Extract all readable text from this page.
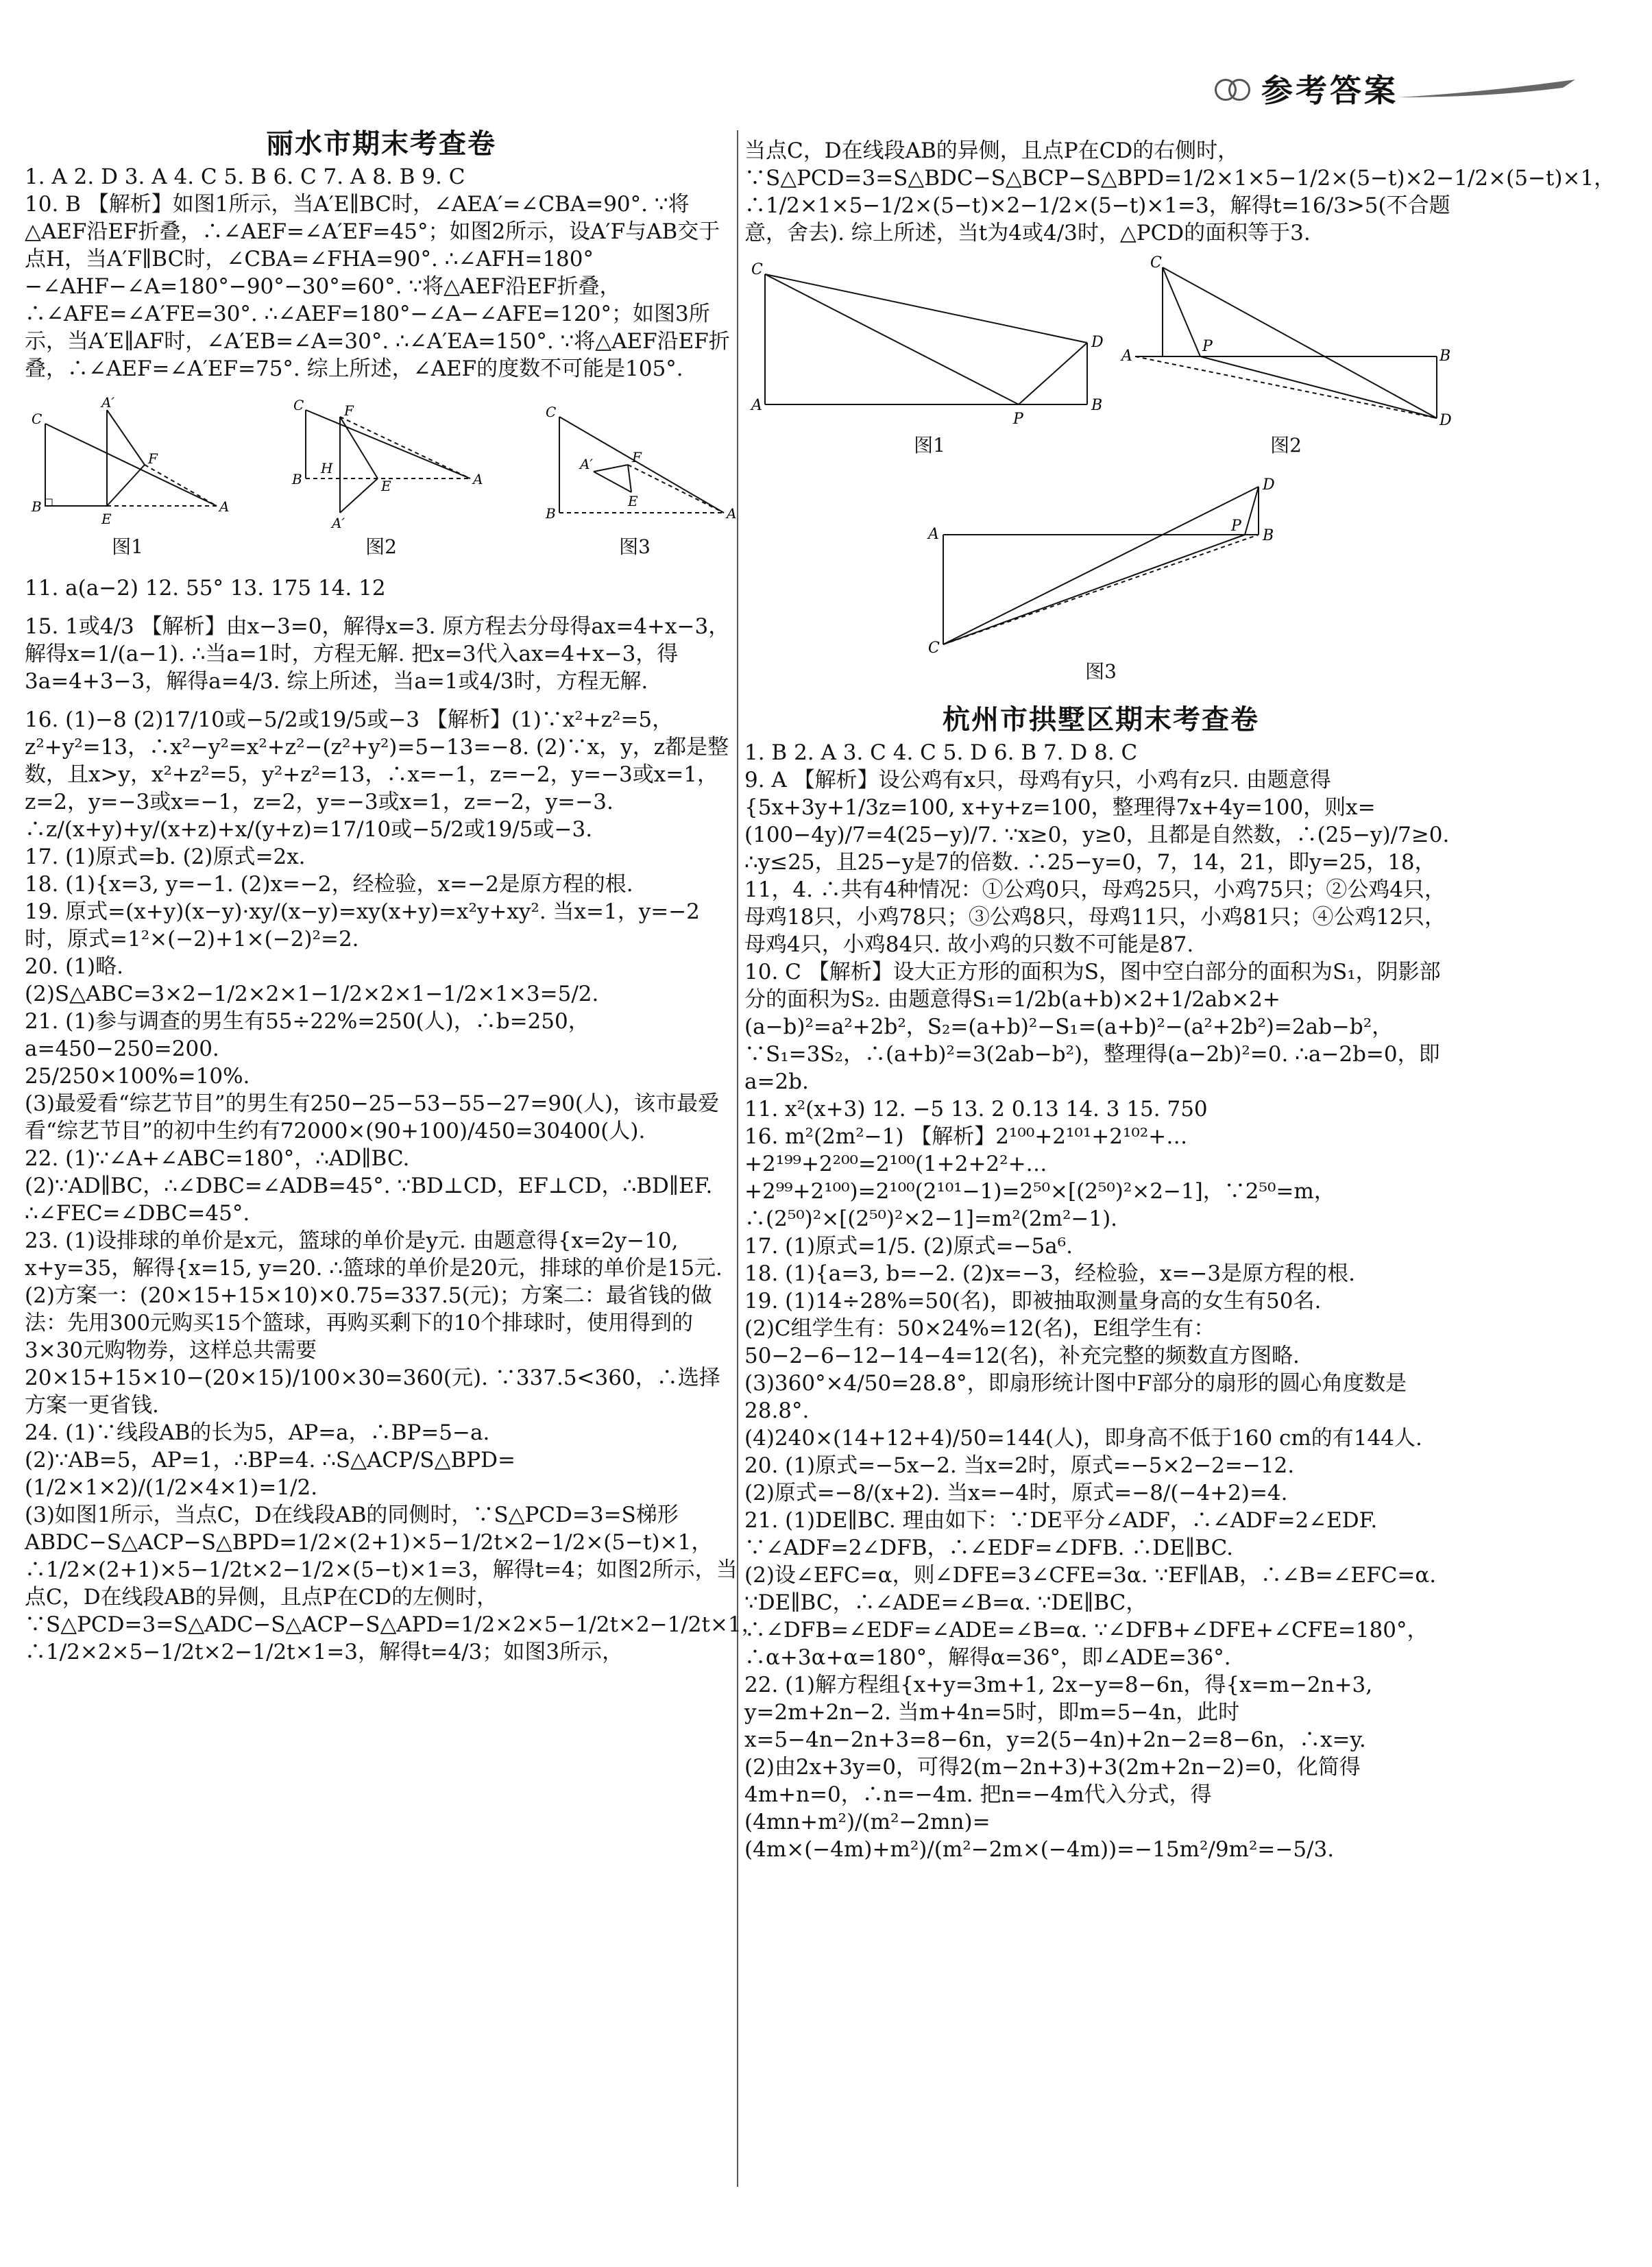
参考答案
丽水市期末考查卷

1. A 2. D 3. A 4. C 5. B 6. C 7. A 8. B 9. C

10. B 【解析】如图1所示，当A′E∥BC时，∠AEA′=∠CBA=90°. ∵将△AEF沿EF折叠，∴∠AEF=∠A′EF=45°；如图2所示，设A′F与AB交于点H，当A′F∥BC时，∠CBA=∠FHA=90°. ∴∠AFH=180°−∠AHF−∠A=180°−90°−30°=60°. ∵将△AEF沿EF折叠，∴∠AFE=∠A′FE=30°. ∴∠AEF=180°−∠A−∠AFE=120°；如图3所示，当A′E∥AF时，∠A′EB=∠A=30°. ∴∠A′EA=150°. ∵将△AEF沿EF折叠，∴∠AEF=∠A′EF=75°. 综上所述，∠AEF的度数不可能是105°.

C
B
A′
F
E
A
图1
C	F
B
H
E	A
A′
图2
C
A′	F
B
E
A
图3

11. a(a−2) 12. 55° 13. 175 14. 12

15. 1或4/3 【解析】由x−3=0，解得x=3. 原方程去分母得ax=4+x−3，解得x=1/(a−1). ∴当a=1时，方程无解. 把x=3代入ax=4+x−3，得3a=4+3−3，解得a=4/3. 综上所述，当a=1或4/3时，方程无解.

16. (1)−8 (2)17/10或−5/2或19/5或−3 【解析】(1)∵x²+z²=5，z²+y²=13，∴x²−y²=x²+z²−(z²+y²)=5−13=−8. (2)∵x，y，z都是整数，且x>y，x²+z²=5，y²+z²=13，∴x=−1，z=−2，y=−3或x=1，z=2，y=−3或x=−1，z=2，y=−3或x=1，z=−2，y=−3. ∴z/(x+y)+y/(x+z)+x/(y+z)=17/10或−5/2或19/5或−3.

17. (1)原式=b. (2)原式=2x.

18. (1){x=3, y=−1. (2)x=−2，经检验，x=−2是原方程的根.

19. 原式=(x+y)(x−y)·xy/(x−y)=xy(x+y)=x²y+xy². 当x=1，y=−2时，原式=1²×(−2)+1×(−2)²=2.

20. (1)略.

(2)S△ABC=3×2−1/2×2×1−1/2×2×1−1/2×1×3=5/2.

21. (1)参与调查的男生有55÷22%=250(人)，∴b=250，a=450−250=200.

25/250×100%=10%.

(3)最爱看“综艺节目”的男生有250−25−53−55−27=90(人)，该市最爱看“综艺节目”的初中生约有72000×(90+100)/450=30400(人).

22. (1)∵∠A+∠ABC=180°，∴AD∥BC.

(2)∵AD∥BC，∴∠DBC=∠ADB=45°. ∵BD⊥CD，EF⊥CD，∴BD∥EF. ∴∠FEC=∠DBC=45°.

23. (1)设排球的单价是x元，篮球的单价是y元. 由题意得{x=2y−10, x+y=35，解得{x=15, y=20. ∴篮球的单价是20元，排球的单价是15元.

(2)方案一：(20×15+15×10)×0.75=337.5(元)；方案二：最省钱的做法：先用300元购买15个篮球，再购买剩下的10个排球时，使用得到的3×30元购物券，这样总共需要20×15+15×10−(20×15)/100×30=360(元). ∵337.5<360，∴选择方案一更省钱.

24. (1)∵线段AB的长为5，AP=a，∴BP=5−a.

(2)∵AB=5，AP=1，∴BP=4. ∴S△ACP/S△BPD=(1/2×1×2)/(1/2×4×1)=1/2.

(3)如图1所示，当点C，D在线段AB的同侧时，∵S△PCD=3=S梯形ABDC−S△ACP−S△BPD=1/2×(2+1)×5−1/2t×2−1/2×(5−t)×1，∴1/2×(2+1)×5−1/2t×2−1/2×(5−t)×1=3，解得t=4；如图2所示，当点C，D在线段AB的异侧，且点P在CD的左侧时，∵S△PCD=3=S△ADC−S△ACP−S△APD=1/2×2×5−1/2t×2−1/2t×1，∴1/2×2×5−1/2t×2−1/2t×1=3，解得t=4/3；如图3所示，

当点C，D在线段AB的异侧，且点P在CD的右侧时，∵S△PCD=3=S△BDC−S△BCP−S△BPD=1/2×1×5−1/2×(5−t)×2−1/2×(5−t)×1，∴1/2×1×5−1/2×(5−t)×2−1/2×(5−t)×1=3，解得t=16/3>5(不合题意，舍去). 综上所述，当t为4或4/3时，△PCD的面积等于3.

C
A
D
B
P
图1
C
A
P
B
D
图2
A
C
D
P
B
图3
杭州市拱墅区期末考查卷

1. B 2. A 3. C 4. C 5. D 6. B 7. D 8. C

9. A 【解析】设公鸡有x只，母鸡有y只，小鸡有z只. 由题意得{5x+3y+1/3z=100, x+y+z=100，整理得7x+4y=100，则x=(100−4y)/7=4(25−y)/7. ∵x≥0，y≥0，且都是自然数，∴(25−y)/7≥0. ∴y≤25，且25−y是7的倍数. ∴25−y=0，7，14，21，即y=25，18，11，4. ∴共有4种情况：①公鸡0只，母鸡25只，小鸡75只；②公鸡4只，母鸡18只，小鸡78只；③公鸡8只，母鸡11只，小鸡81只；④公鸡12只，母鸡4只，小鸡84只. 故小鸡的只数不可能是87.

10. C 【解析】设大正方形的面积为S，图中空白部分的面积为S₁，阴影部分的面积为S₂. 由题意得S₁=1/2b(a+b)×2+1/2ab×2+(a−b)²=a²+2b²，S₂=(a+b)²−S₁=(a+b)²−(a²+2b²)=2ab−b²，∵S₁=3S₂，∴(a+b)²=3(2ab−b²)，整理得(a−2b)²=0. ∴a−2b=0，即a=2b.

11. x²(x+3) 12. −5 13. 2 0.13 14. 3 15. 750

16. m²(2m²−1) 【解析】2¹⁰⁰+2¹⁰¹+2¹⁰²+…+2¹⁹⁹+2²⁰⁰=2¹⁰⁰(1+2+2²+…+2⁹⁹+2¹⁰⁰)=2¹⁰⁰(2¹⁰¹−1)=2⁵⁰×[(2⁵⁰)²×2−1]，∵2⁵⁰=m，∴(2⁵⁰)²×[(2⁵⁰)²×2−1]=m²(2m²−1).

17. (1)原式=1/5. (2)原式=−5a⁶.

18. (1){a=3, b=−2. (2)x=−3，经检验，x=−3是原方程的根.

19. (1)14÷28%=50(名)，即被抽取测量身高的女生有50名.

(2)C组学生有：50×24%=12(名)，E组学生有：50−2−6−12−14−4=12(名)，补充完整的频数直方图略.

(3)360°×4/50=28.8°，即扇形统计图中F部分的扇形的圆心角度数是28.8°.

(4)240×(14+12+4)/50=144(人)，即身高不低于160 cm的有144人.

20. (1)原式=−5x−2. 当x=2时，原式=−5×2−2=−12.

(2)原式=−8/(x+2). 当x=−4时，原式=−8/(−4+2)=4.

21. (1)DE∥BC. 理由如下：∵DE平分∠ADF，∴∠ADF=2∠EDF. ∵∠ADF=2∠DFB，∴∠EDF=∠DFB. ∴DE∥BC.

(2)设∠EFC=α，则∠DFE=3∠CFE=3α. ∵EF∥AB，∴∠B=∠EFC=α. ∵DE∥BC，∴∠ADE=∠B=α. ∵DE∥BC，∴∠DFB=∠EDF=∠ADE=∠B=α. ∵∠DFB+∠DFE+∠CFE=180°，∴α+3α+α=180°，解得α=36°，即∠ADE=36°.

22. (1)解方程组{x+y=3m+1, 2x−y=8−6n，得{x=m−2n+3, y=2m+2n−2. 当m+4n=5时，即m=5−4n，此时x=5−4n−2n+3=8−6n，y=2(5−4n)+2n−2=8−6n，∴x=y.

(2)由2x+3y=0，可得2(m−2n+3)+3(2m+2n−2)=0，化简得4m+n=0，∴n=−4m. 把n=−4m代入分式，得(4mn+m²)/(m²−2mn)=(4m×(−4m)+m²)/(m²−2m×(−4m))=−15m²/9m²=−5/3.
